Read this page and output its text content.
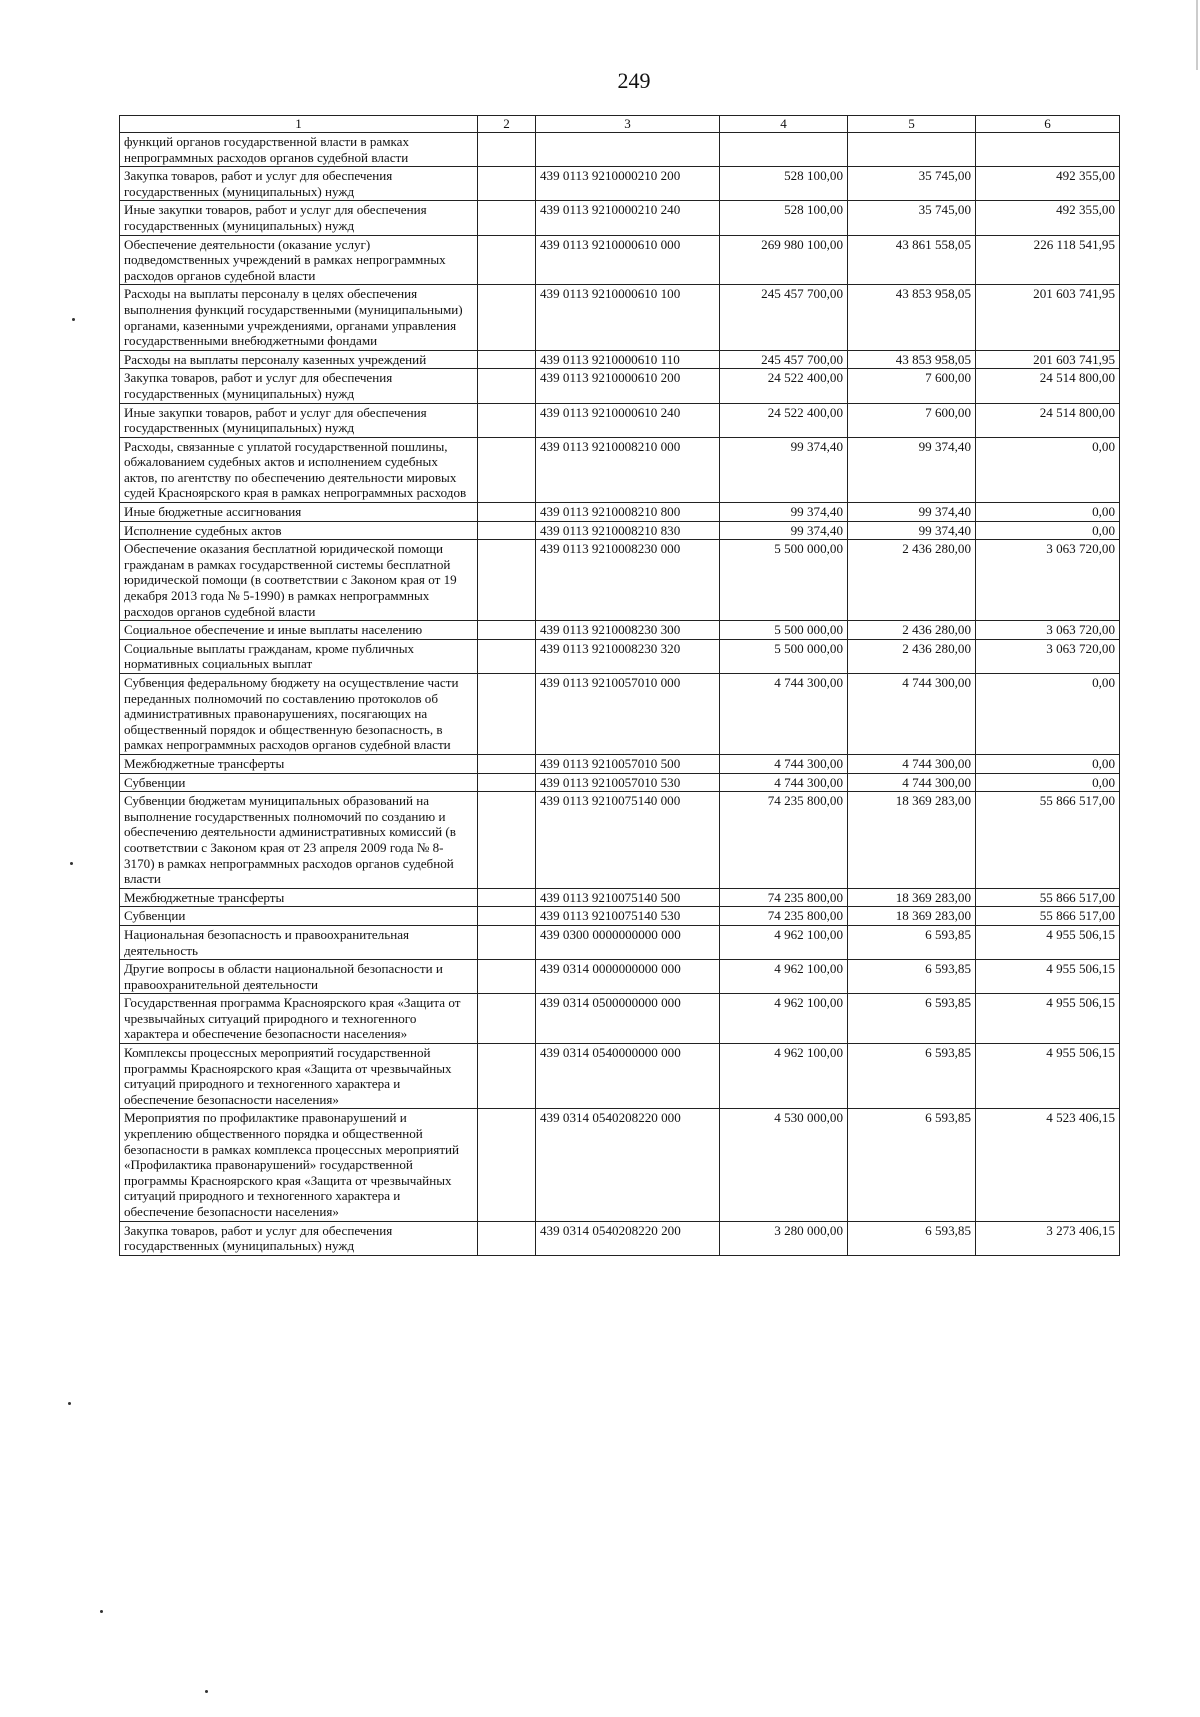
249
1	2	3	4	5	6
функций органов государственной власти в рамках непрограммных расходов органов судебной власти					
Закупка товаров, работ и услуг для обеспечения государственных (муниципальных) нужд		439 0113 9210000210 200	528 100,00	35 745,00	492 355,00
Иные закупки товаров, работ и услуг для обеспечения государственных (муниципальных) нужд		439 0113 9210000210 240	528 100,00	35 745,00	492 355,00
Обеспечение деятельности (оказание услуг) подведомственных учреждений в рамках непрограммных расходов органов судебной власти		439 0113 9210000610 000	269 980 100,00	43 861 558,05	226 118 541,95
Расходы на выплаты персоналу в целях обеспечения выполнения функций государственными (муниципальными) органами, казенными учреждениями, органами управления государственными внебюджетными фондами		439 0113 9210000610 100	245 457 700,00	43 853 958,05	201 603 741,95
Расходы на выплаты персоналу казенных учреждений		439 0113 9210000610 110	245 457 700,00	43 853 958,05	201 603 741,95
Закупка товаров, работ и услуг для обеспечения государственных (муниципальных) нужд		439 0113 9210000610 200	24 522 400,00	7 600,00	24 514 800,00
Иные закупки товаров, работ и услуг для обеспечения государственных (муниципальных) нужд		439 0113 9210000610 240	24 522 400,00	7 600,00	24 514 800,00
Расходы, связанные с уплатой государственной пошлины, обжалованием судебных актов и исполнением судебных актов, по агентству по обеспечению деятельности мировых судей Красноярского края в рамках непрограммных расходов		439 0113 9210008210 000	99 374,40	99 374,40	0,00
Иные бюджетные ассигнования		439 0113 9210008210 800	99 374,40	99 374,40	0,00
Исполнение судебных актов		439 0113 9210008210 830	99 374,40	99 374,40	0,00
Обеспечение оказания бесплатной юридической помощи гражданам в рамках государственной системы бесплатной юридической помощи (в соответствии с Законом края от 19 декабря 2013 года № 5-1990) в рамках непрограммных расходов органов судебной власти		439 0113 9210008230 000	5 500 000,00	2 436 280,00	3 063 720,00
Социальное обеспечение и иные выплаты населению		439 0113 9210008230 300	5 500 000,00	2 436 280,00	3 063 720,00
Социальные выплаты гражданам, кроме публичных нормативных социальных выплат		439 0113 9210008230 320	5 500 000,00	2 436 280,00	3 063 720,00
Субвенция федеральному бюджету на осуществление части переданных полномочий по составлению протоколов об административных правонарушениях, посягающих на общественный порядок и общественную безопасность, в рамках непрограммных расходов органов судебной власти		439 0113 9210057010 000	4 744 300,00	4 744 300,00	0,00
Межбюджетные трансферты		439 0113 9210057010 500	4 744 300,00	4 744 300,00	0,00
Субвенции		439 0113 9210057010 530	4 744 300,00	4 744 300,00	0,00
Субвенции бюджетам муниципальных образований на выполнение государственных полномочий по созданию и обеспечению деятельности административных комиссий (в соответствии с Законом края от 23 апреля 2009 года № 8-3170) в рамках непрограммных расходов органов судебной власти		439 0113 9210075140 000	74 235 800,00	18 369 283,00	55 866 517,00
Межбюджетные трансферты		439 0113 9210075140 500	74 235 800,00	18 369 283,00	55 866 517,00
Субвенции		439 0113 9210075140 530	74 235 800,00	18 369 283,00	55 866 517,00
Национальная безопасность и правоохранительная деятельность		439 0300 0000000000 000	4 962 100,00	6 593,85	4 955 506,15
Другие вопросы в области национальной безопасности и правоохранительной деятельности		439 0314 0000000000 000	4 962 100,00	6 593,85	4 955 506,15
Государственная программа Красноярского края «Защита от чрезвычайных ситуаций природного и техногенного характера и обеспечение безопасности населения»		439 0314 0500000000 000	4 962 100,00	6 593,85	4 955 506,15
Комплексы процессных мероприятий государственной программы Красноярского края «Защита от чрезвычайных ситуаций природного и техногенного характера и обеспечение безопасности населения»		439 0314 0540000000 000	4 962 100,00	6 593,85	4 955 506,15
Мероприятия по профилактике правонарушений и укреплению общественного порядка и общественной безопасности в рамках комплекса процессных мероприятий «Профилактика правонарушений» государственной программы Красноярского края «Защита от чрезвычайных ситуаций природного и техногенного характера и обеспечение безопасности населения»		439 0314 0540208220 000	4 530 000,00	6 593,85	4 523 406,15
Закупка товаров, работ и услуг для обеспечения государственных (муниципальных) нужд		439 0314 0540208220 200	3 280 000,00	6 593,85	3 273 406,15
